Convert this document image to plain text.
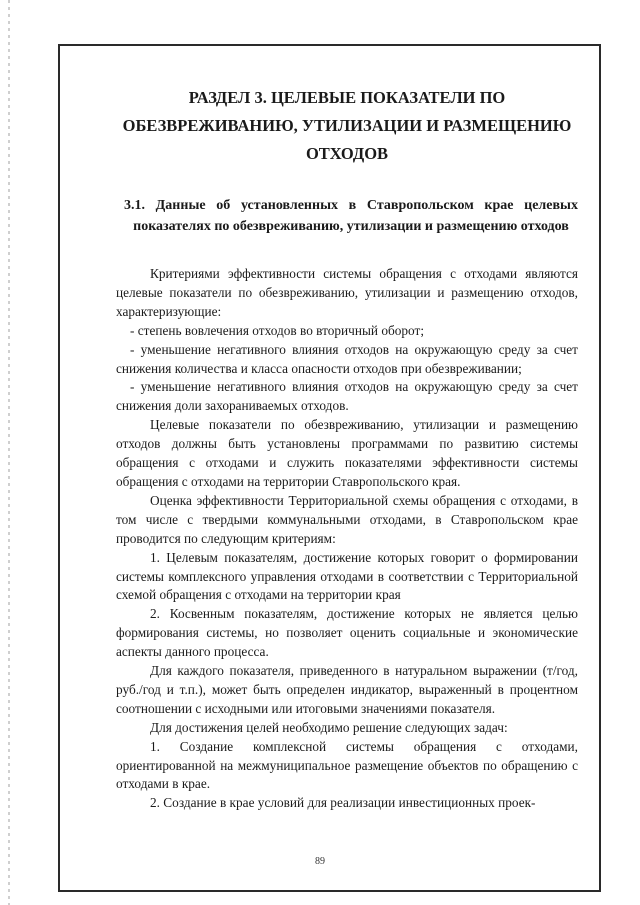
РАЗДЕЛ 3. ЦЕЛЕВЫЕ ПОКАЗАТЕЛИ ПО ОБЕЗВРЕЖИВАНИЮ, УТИЛИЗАЦИИ И РАЗМЕЩЕНИЮ ОТХОДОВ
3.1. Данные об установленных в Ставропольском крае целевых показателях по обезвреживанию, утилизации и размещению отходов

Критериями эффективности системы обращения с отходами являются целевые показатели по обезвреживанию, утилизации и размещению отходов, характеризующие:

- степень вовлечения отходов во вторичный оборот;

- уменьшение негативного влияния отходов на окружающую среду за счет снижения количества и класса опасности отходов при обезвреживании;

- уменьшение негативного влияния отходов на окружающую среду за счет снижения доли захораниваемых отходов.

Целевые показатели по обезвреживанию, утилизации и размещению отходов должны быть установлены программами по развитию системы обращения с отходами и служить показателями эффективности системы обращения с отходами на территории Ставропольского края.

Оценка эффективности Территориальной схемы обращения с отходами, в том числе с твердыми коммунальными отходами, в Ставропольском крае проводится по следующим критериям:

1. Целевым показателям, достижение которых говорит о формировании системы комплексного управления отходами в соответствии с Территориальной схемой обращения с отходами на территории края

2. Косвенным показателям, достижение которых не является целью формирования системы, но позволяет оценить социальные и экономические аспекты данного процесса.

Для каждого показателя, приведенного в натуральном выражении (т/год, руб./год и т.п.), может быть определен индикатор, выраженный в процентном соотношении с исходными или итоговыми значениями показателя.

Для достижения целей необходимо решение следующих задач:

1. Создание комплексной системы обращения с отходами, ориентированной на межмуниципальное размещение объектов по обращению с отходами в крае.

2. Создание в крае условий для реализации инвестиционных проек-

89
